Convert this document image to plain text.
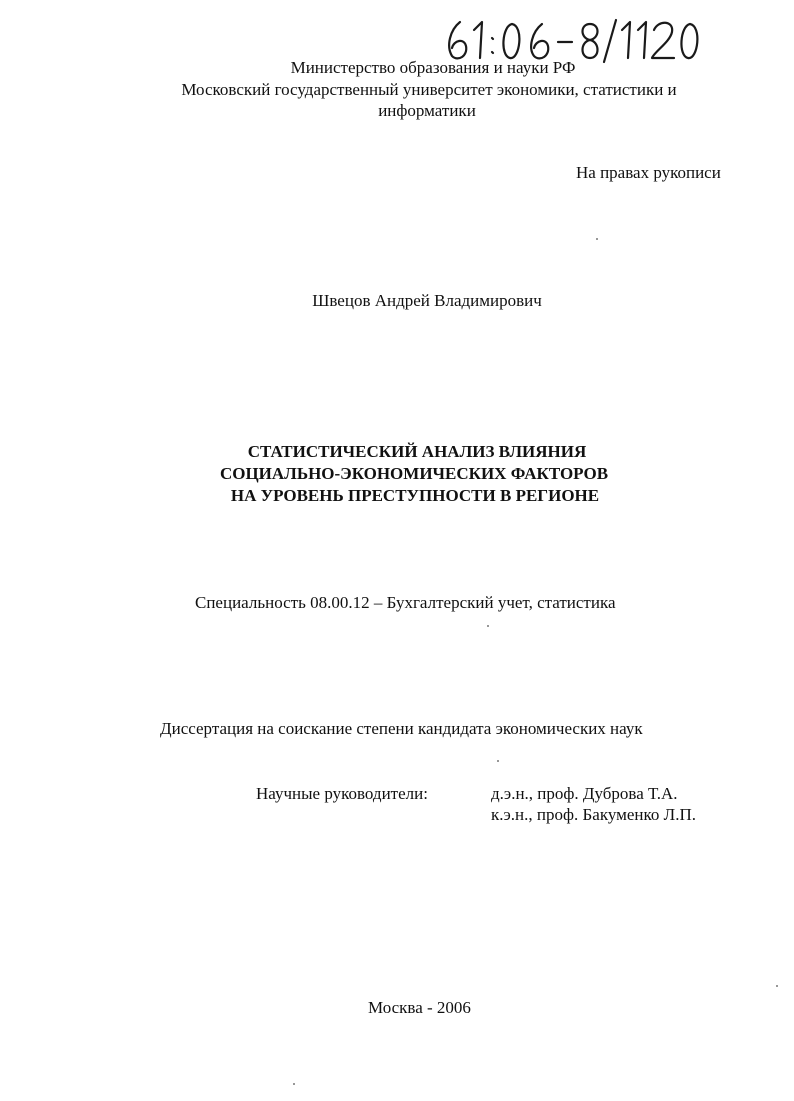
Министерство образования и науки РФ
Московский государственный университет экономики, статистики и
информатики
На правах рукописи
Швецов Андрей Владимирович
СТАТИСТИЧЕСКИЙ АНАЛИЗ ВЛИЯНИЯ
СОЦИАЛЬНО-ЭКОНОМИЧЕСКИХ ФАКТОРОВ
НА УРОВЕНЬ ПРЕСТУПНОСТИ В РЕГИОНЕ
Специальность 08.00.12 – Бухгалтерский учет, статистика
Диссертация на соискание степени кандидата экономических наук
Научные руководители:	д.э.н., проф. Дуброва Т.А.
к.э.н., проф. Бакуменко Л.П.
Москва - 2006
